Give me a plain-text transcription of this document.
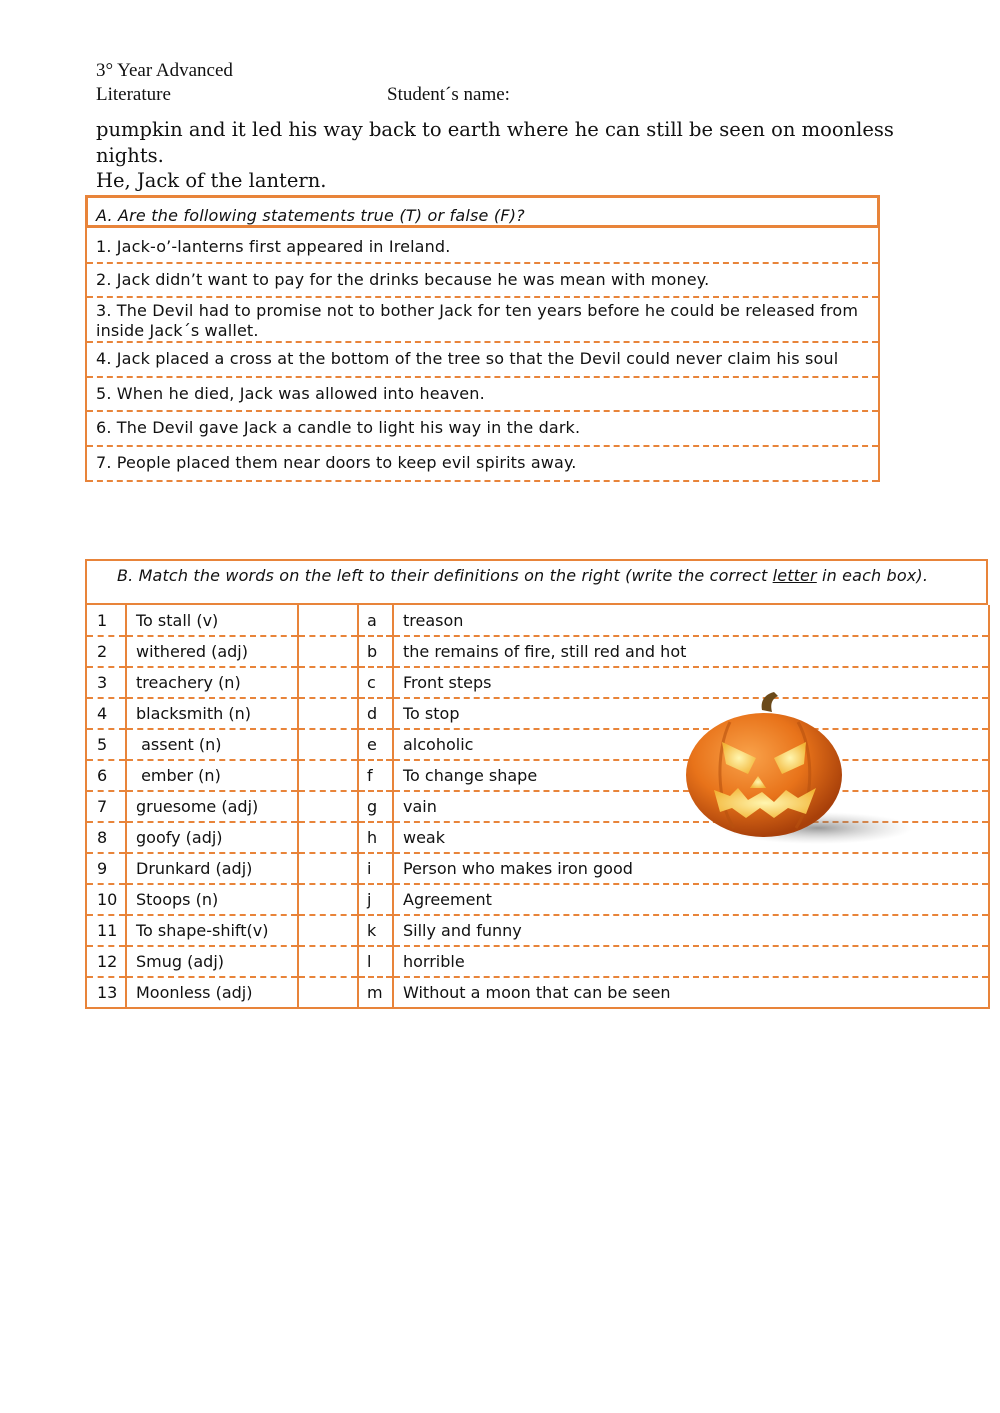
3° Year Advanced
Literature	Student´s name:
pumpkin and it led his way back to earth where he can still be seen on moonless nights.
He, Jack of the lantern.
A. Are the following statements true (T) or false (F)?
1. Jack-o’-lanterns first appeared in Ireland.
2. Jack didn’t want to pay for the drinks because he was mean with money.
3. The Devil had to promise not to bother Jack for ten years before he could be released from inside Jack´s wallet.
4. Jack placed a cross at the bottom of the tree so that the Devil could never claim his soul
5. When he died, Jack was allowed into heaven.
6. The Devil gave Jack a candle to light his way in the dark.
7. People placed them near doors to keep evil spirits away.
B. Match the words on the left to their definitions on the right (write the correct letter in each box).
1	To stall (v)		a	treason
2	withered (adj)		b	the remains of fire, still red and hot
3	treachery (n)		c	Front steps
4	blacksmith (n)		d	To stop
5	assent (n)		e	alcoholic
6	ember (n)		f	To change shape
7	gruesome (adj)		g	vain
8	goofy (adj)		h	weak
9	Drunkard (adj)		i	Person who makes iron good
10	Stoops (n)		j	Agreement
11	To shape-shift(v)		k	Silly and funny
12	Smug (adj)		l	horrible
13	Moonless (adj)		m	Without a moon that can be seen
